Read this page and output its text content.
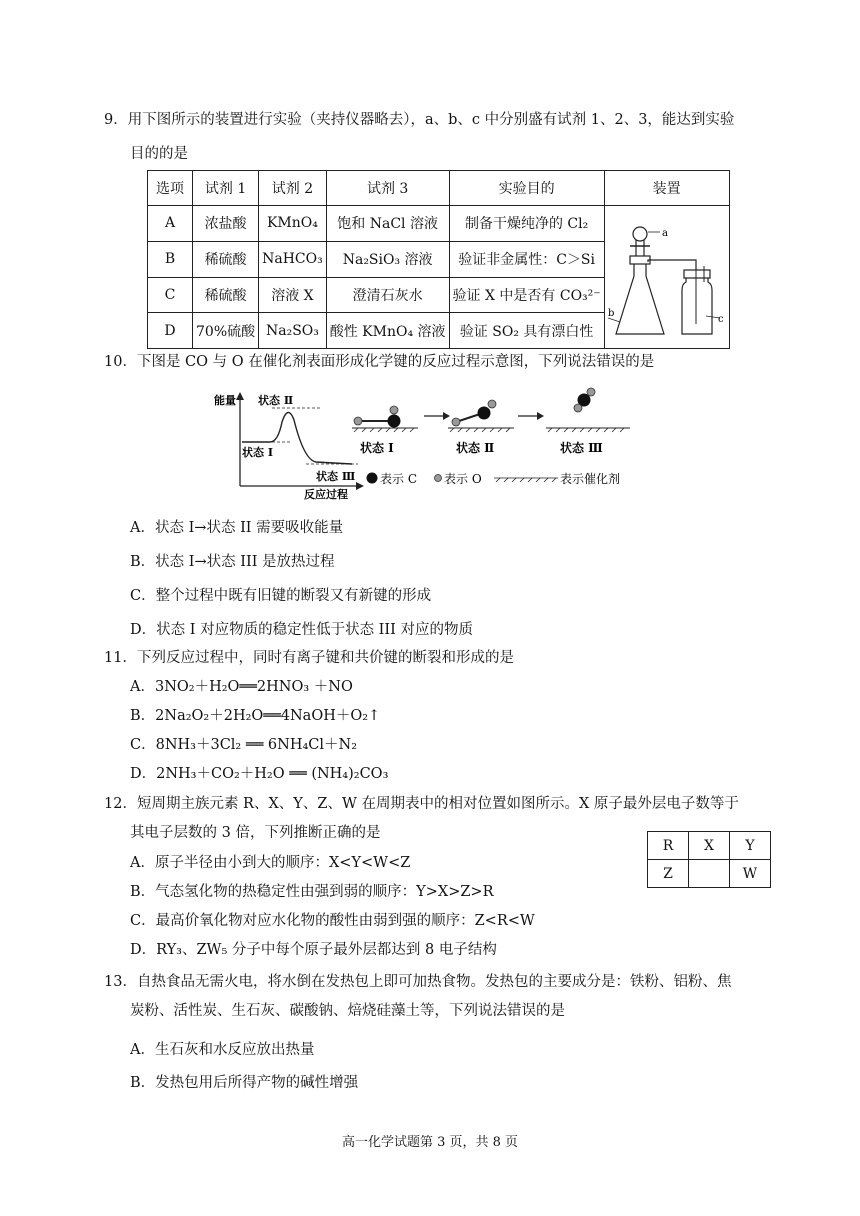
9．用下图所示的装置进行实验（夹持仪器略去），a、b、c 中分别盛有试剂 1、2、3，能达到实验
目的的是
选项	试剂 1	试剂 2	试剂 3	实验目的	装置
A	浓盐酸	KMnO₄	饱和 NaCl 溶液	制备干燥纯净的 Cl₂	a
b
c

B	稀硫酸	NaHCO₃	Na₂SiO₃ 溶液	验证非金属性：C＞Si	
C	稀硫酸	溶液 X	澄清石灰水	验证 X 中是否有 CO₃²⁻	
D	70%硫酸	Na₂SO₃	酸性 KMnO₄ 溶液	验证 SO₂ 具有漂白性	
10．下图是 CO 与 O 在催化剂表面形成化学键的反应过程示意图，下列说法错误的是
能量
反应过程
状态 Ⅱ
状态 Ⅰ
状态 Ⅲ
状态 Ⅰ	状态 Ⅱ	状态 Ⅲ
表示 C 表示 O	表示催化剂
A．状态 I→状态 II 需要吸收能量
B．状态 I→状态 III 是放热过程
C．整个过程中既有旧键的断裂又有新键的形成
D．状态 I 对应物质的稳定性低于状态 III 对应的物质
11．下列反应过程中，同时有离子键和共价键的断裂和形成的是
A．3NO₂＋H₂O══2HNO₃ ＋NO
B．2Na₂O₂＋2H₂O══4NaOH＋O₂↑
C．8NH₃＋3Cl₂ ══ 6NH₄Cl＋N₂
D．2NH₃＋CO₂＋H₂O ══ (NH₄)₂CO₃
12．短周期主族元素 R、X、Y、Z、W 在周期表中的相对位置如图所示。X 原子最外层电子数等于
其电子层数的 3 倍，下列推断正确的是
R	X	Y
Z		W
A．原子半径由小到大的顺序：X<Y<W<Z
B．气态氢化物的热稳定性由强到弱的顺序：Y>X>Z>R
C．最高价氧化物对应水化物的酸性由弱到强的顺序：Z<R<W
D．RY₃、ZW₅ 分子中每个原子最外层都达到 8 电子结构
13．自热食品无需火电，将水倒在发热包上即可加热食物。发热包的主要成分是：铁粉、铝粉、焦
炭粉、活性炭、生石灰、碳酸钠、焙烧硅藻土等，下列说法错误的是
A．生石灰和水反应放出热量
B．发热包用后所得产物的碱性增强
高一化学试题第 3 页，共 8 页
